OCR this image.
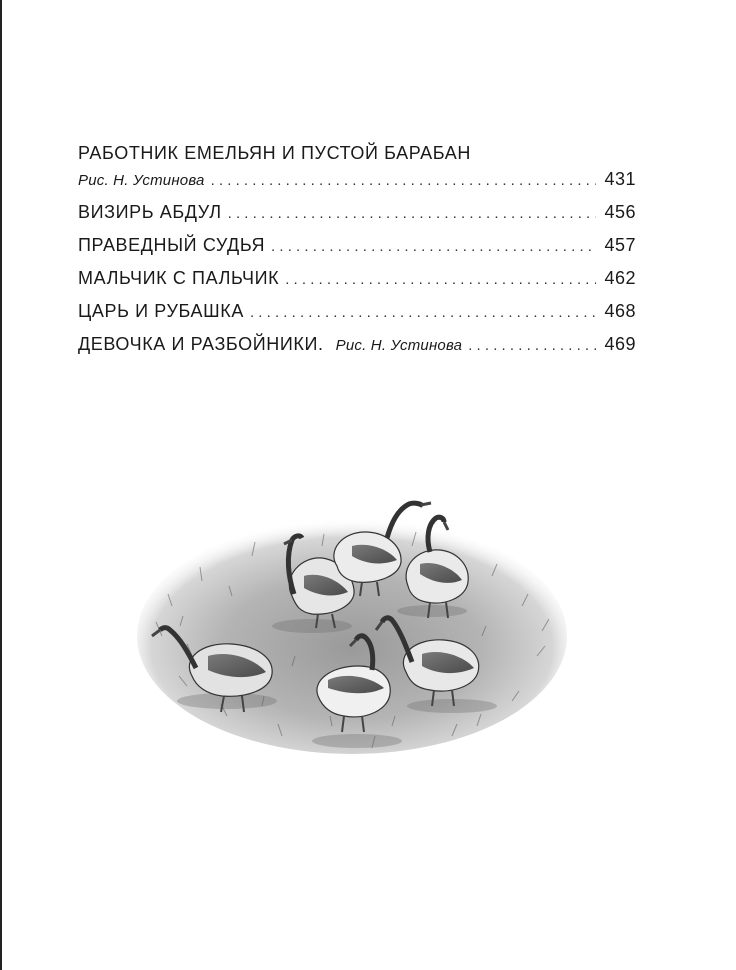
РАБОТНИК ЕМЕЛЬЯН И ПУСТОЙ БАРАБАН
Рис. Н. Устинова . . .	431
ВИЗИРЬ АБДУЛ . . .	456
ПРАВЕДНЫЙ СУДЬЯ . . .	457
МАЛЬЧИК С ПАЛЬЧИК . . .	462
ЦАРЬ И РУБАШКА . . .	468
ДЕВОЧКА И РАЗБОЙНИКИ. Рис. Н. Устинова . . .	469
